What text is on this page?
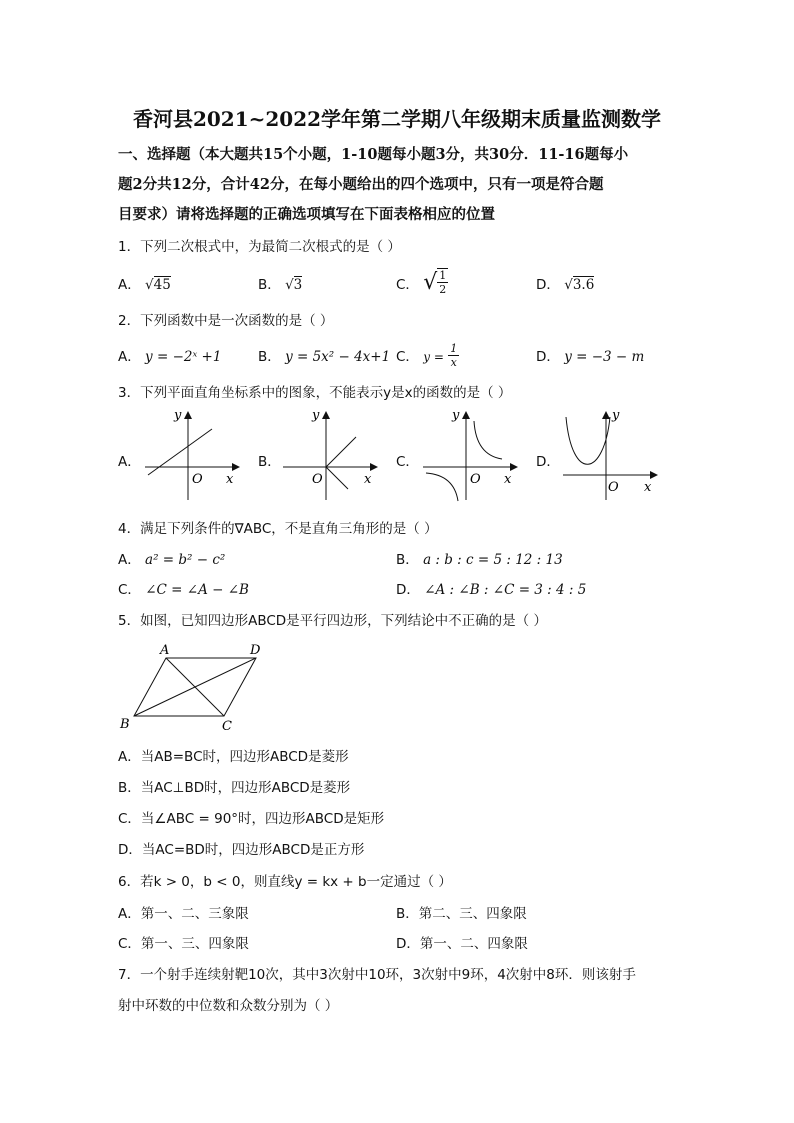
香河县2021~2022学年第二学期八年级期末质量监测数学
一、选择题（本大题共15个小题，1-10题每小题3分，共30分．11-16题每小
题2分共12分，合计42分，在每小题给出的四个选项中，只有一项是符合题
目要求）请将选择题的正确选项填写在下面表格相应的位置
1．下列二次根式中，为最简二次根式的是（ ）
A． √45	B． √3	C． √ $\frac{1}{2}$	D． √3.6
2．下列函数中是一次函数的是（ ）
A． y = −2ˣ +1	B． y = 5x² − 4x+1 C． $y = \frac{1}{x}$	D． y = −3 − m
3．下列平面直角坐标系中的图象，不能表示y是x的函数的是（ ）
A．
y
O x
B．
y
O	x
C．
y
O x
D．
y
O x
4．满足下列条件的∇ABC，不是直角三角形的是（ ）
A． a² = b² − c²	B． a : b : c = 5 : 12 : 13
C． ∠C = ∠A − ∠B	D． ∠A : ∠B : ∠C = 3 : 4 : 5
5．如图，已知四边形ABCD是平行四边形，下列结论中不正确的是（ ）
A	D
B	C
A．当AB=BC时，四边形ABCD是菱形
B．当AC⊥BD时，四边形ABCD是菱形
C．当∠ABC = 90°时，四边形ABCD是矩形
D．当AC=BD时，四边形ABCD是正方形
6．若k > 0，b < 0，则直线y = kx + b一定通过（ ）
A．第一、二、三象限	B．第二、三、四象限
C．第一、三、四象限	D．第一、二、四象限
7．一个射手连续射靶10次，其中3次射中10环，3次射中9环，4次射中8环．则该射手
射中环数的中位数和众数分别为（ ）
